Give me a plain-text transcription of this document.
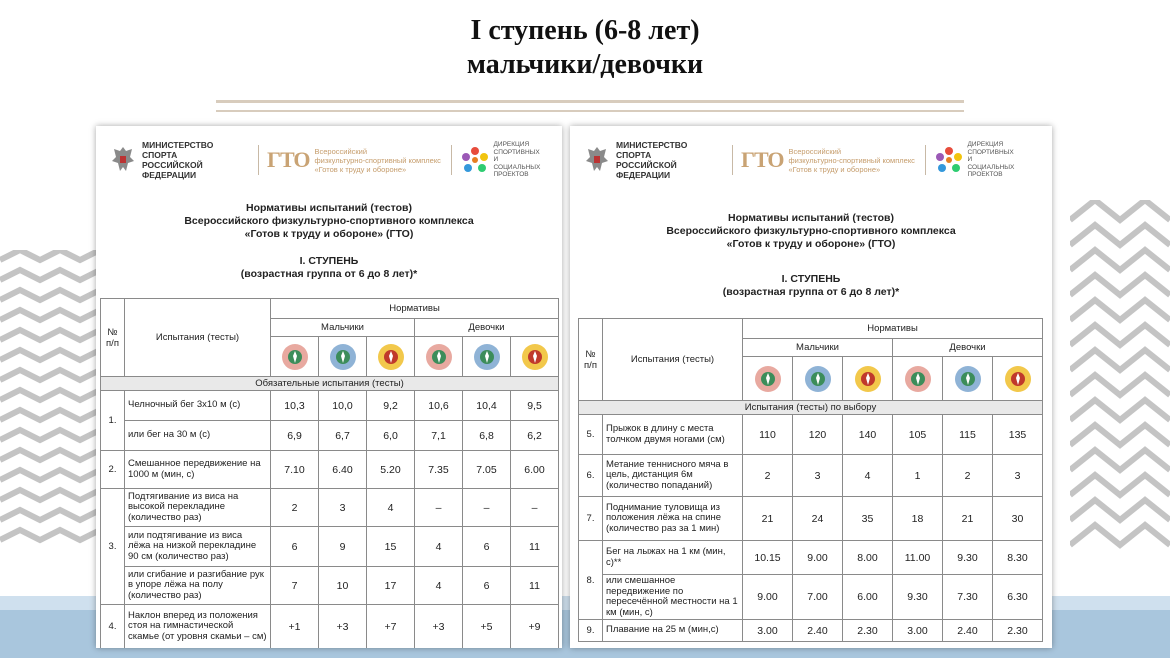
I ступень (6-8 лет)
мальчики/девочки
МИНИСТЕРСТВО СПОРТА
РОССИЙСКОЙ ФЕДЕРАЦИИ
ГТО Всероссийский
физкультурно-спортивный комплекс
«Готов к труду и обороне»
ДИРЕКЦИЯ
СПОРТИВНЫХ
И СОЦИАЛЬНЫХ
ПРОЕКТОВ
Нормативы испытаний (тестов)
Всероссийского физкультурно-спортивного комплекса
«Готов к труду и обороне» (ГТО)
I. СТУПЕНЬ
(возрастная группа от 6 до 8 лет)*
№ п/п	Испытания (тесты)	Нормативы					
		Мальчики			Девочки		

Обязательные испытания (тесты)							
1.	Челночный бег 3х10 м (с)	10,3	10,0	9,2	10,6	10,4	9,5
	или бег на 30 м (с)	6,9	6,7	6,0	7,1	6,8	6,2
2.	Смешанное передвижение на 1000 м (мин, с)	7.10	6.40	5.20	7.35	7.05	6.00
3.	Подтягивание из виса на высокой перекладине (количество раз)	2	3	4	–	–	–
	или подтягивание из виса лёжа на низкой перекладине 90 см (количество раз)	6	9	15	4	6	11
	или сгибание и разгибание рук в упоре лёжа на полу (количество раз)	7	10	17	4	6	11
4.	Наклон вперед из положения стоя на гимнастической скамье (от уровня скамьи – см)	+1	+3	+7	+3	+5	+9
МИНИСТЕРСТВО СПОРТА
РОССИЙСКОЙ ФЕДЕРАЦИИ
ГТО Всероссийский
физкультурно-спортивный комплекс
«Готов к труду и обороне»
ДИРЕКЦИЯ
СПОРТИВНЫХ
И СОЦИАЛЬНЫХ
ПРОЕКТОВ
Нормативы испытаний (тестов)
Всероссийского физкультурно-спортивного комплекса
«Готов к труду и обороне» (ГТО)
I. СТУПЕНЬ
(возрастная группа от 6 до 8 лет)*
№ п/п	Испытания (тесты)	Нормативы					
		Мальчики			Девочки		

Испытания (тесты) по выбору							
5.	Прыжок в длину с места толчком двумя ногами (см)	110	120	140	105	115	135
6.	Метание теннисного мяча в цель, дистанция 6м (количество попаданий)	2	3	4	1	2	3
7.	Поднимание туловища из положения лёжа на спине (количество раз за 1 мин)	21	24	35	18	21	30
8.	Бег на лыжах на 1 км (мин, с)**	10.15	9.00	8.00	11.00	9.30	8.30
	или смешанное передвижение по пересечённой местности на 1 км (мин, с)	9.00	7.00	6.00	9.30	7.30	6.30
9.	Плавание на 25 м (мин,с)	3.00	2.40	2.30	3.00	2.40	2.30
